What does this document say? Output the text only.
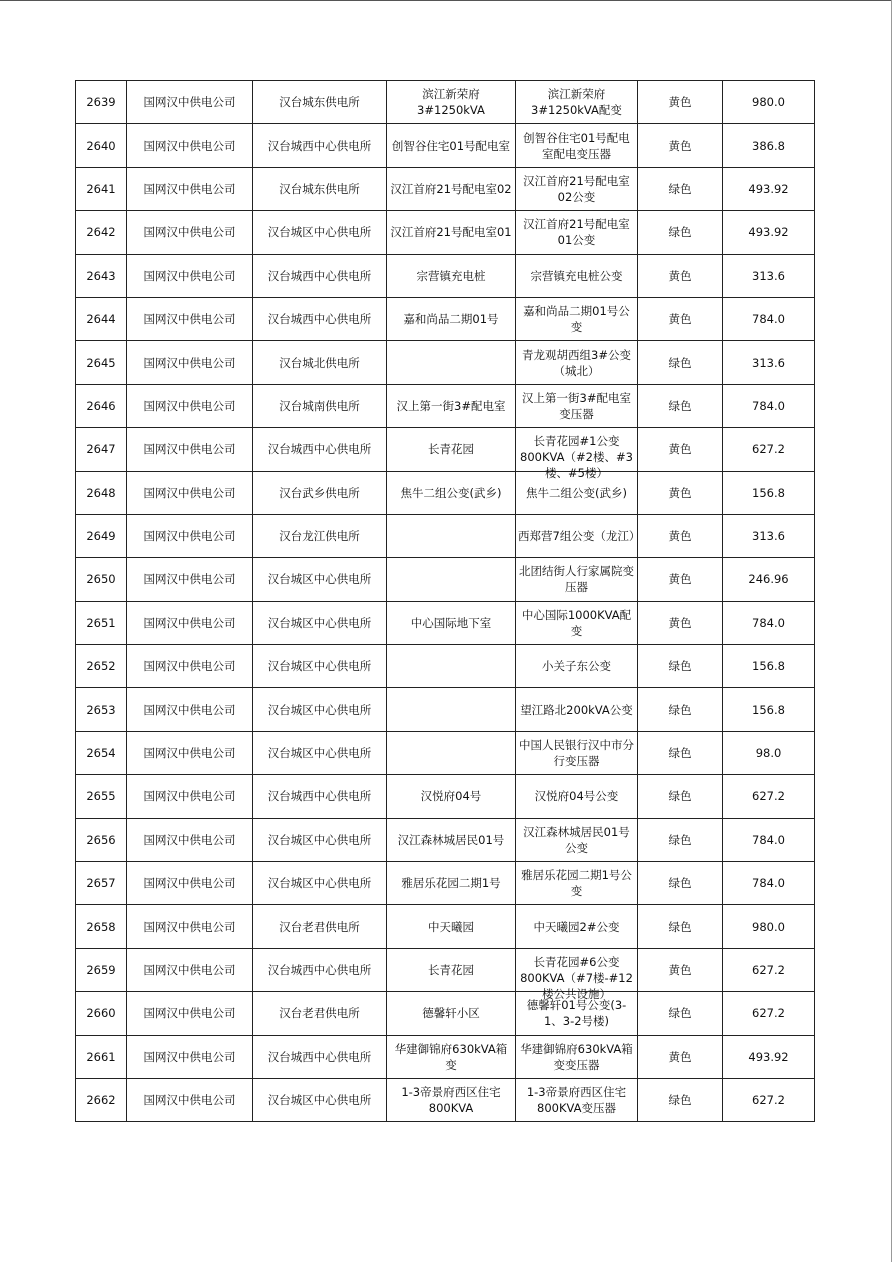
2639	国网汉中供电公司	汉台城东供电所	滨江新荣府3#1250kVA	滨江新荣府3#1250kVA配变	黄色	980.0

2640	国网汉中供电公司	汉台城西中心供电所	创智谷住宅01号配电室	创智谷住宅01号配电室配电变压器	黄色	386.8

2641	国网汉中供电公司	汉台城东供电所	汉江首府21号配电室02	汉江首府21号配电室02公变	绿色	493.92

2642	国网汉中供电公司	汉台城区中心供电所	汉江首府21号配电室01	汉江首府21号配电室01公变	绿色	493.92

2643	国网汉中供电公司	汉台城西中心供电所	宗营镇充电桩	宗营镇充电桩公变	黄色	313.6

2644	国网汉中供电公司	汉台城西中心供电所	嘉和尚品二期01号	嘉和尚品二期01号公变	黄色	784.0

2645	国网汉中供电公司	汉台城北供电所		青龙观胡西组3#公变（城北）	绿色	313.6

2646	国网汉中供电公司	汉台城南供电所	汉上第一街3#配电室	汉上第一街3#配电室变压器	绿色	784.0

2647	国网汉中供电公司	汉台城西中心供电所	长青花园	长青花园#1公变800KVA（#2楼、#3楼、#5楼）	黄色	627.2

2648	国网汉中供电公司	汉台武乡供电所	焦牛二组公变(武乡)	焦牛二组公变(武乡)	黄色	156.8

2649	国网汉中供电公司	汉台龙江供电所		西郑营7组公变（龙江）	黄色	313.6

2650	国网汉中供电公司	汉台城区中心供电所		北团结街人行家属院变压器	黄色	246.96

2651	国网汉中供电公司	汉台城区中心供电所	中心国际地下室	中心国际1000KVA配变	黄色	784.0

2652	国网汉中供电公司	汉台城区中心供电所		小关子东公变	绿色	156.8

2653	国网汉中供电公司	汉台城区中心供电所		望江路北200kVA公变	绿色	156.8

2654	国网汉中供电公司	汉台城区中心供电所		中国人民银行汉中市分行变压器	绿色	98.0

2655	国网汉中供电公司	汉台城西中心供电所	汉悦府04号	汉悦府04号公变	绿色	627.2

2656	国网汉中供电公司	汉台城区中心供电所	汉江森林城居民01号	汉江森林城居民01号公变	绿色	784.0

2657	国网汉中供电公司	汉台城区中心供电所	雅居乐花园二期1号	雅居乐花园二期1号公变	绿色	784.0

2658	国网汉中供电公司	汉台老君供电所	中天曦园	中天曦园2#公变	绿色	980.0

2659	国网汉中供电公司	汉台城西中心供电所	长青花园	长青花园#6公变800KVA（#7楼-#12楼公共设施）	黄色	627.2

2660	国网汉中供电公司	汉台老君供电所	德馨轩小区	德馨轩01号公变(3-1、3-2号楼)	绿色	627.2

2661	国网汉中供电公司	汉台城西中心供电所	华建御锦府630kVA箱变	华建御锦府630kVA箱变变压器	黄色	493.92

2662	国网汉中供电公司	汉台城区中心供电所	1-3帝景府西区住宅800KVA	1-3帝景府西区住宅800KVA变压器	绿色	627.2
